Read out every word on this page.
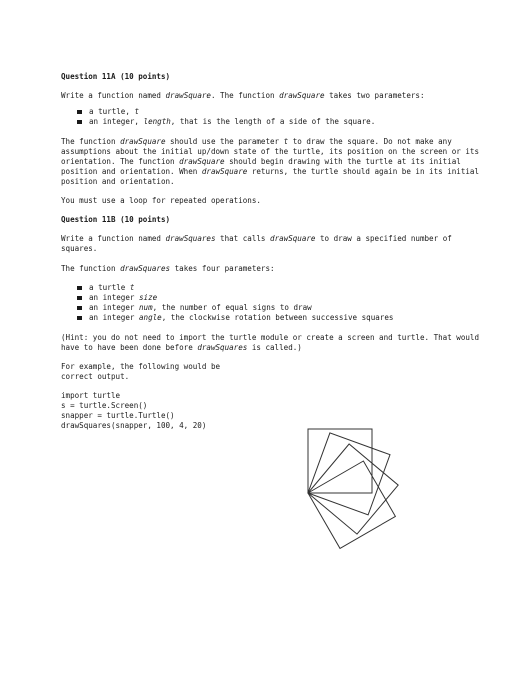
Question 11A (10 points)

Write a function named drawSquare. The function drawSquare takes two parameters:

a turtle, t
an integer, length, that is the length of a side of the square.

The function drawSquare should use the parameter t to draw the square. Do not make any assumptions about the initial up/down state of the turtle, its position on the screen or its orientation. The function drawSquare should begin drawing with the turtle at its initial position and orientation. When drawSquare returns, the turtle should again be in its initial position and orientation.

You must use a loop for repeated operations.

Question 11B (10 points)

Write a function named drawSquares that calls drawSquare to draw a specified number of squares.

The function drawSquares takes four parameters:

a turtle t
an integer size
an integer num, the number of equal signs to draw
an integer angle, the clockwise rotation between successive squares

(Hint: you do not need to import the turtle module or create a screen and turtle. That would have to have been done before drawSquares is called.)

For example, the following would be

correct output.

import turtle

s = turtle.Screen()

snapper = turtle.Turtle()

drawSquares(snapper, 100, 4, 20)
